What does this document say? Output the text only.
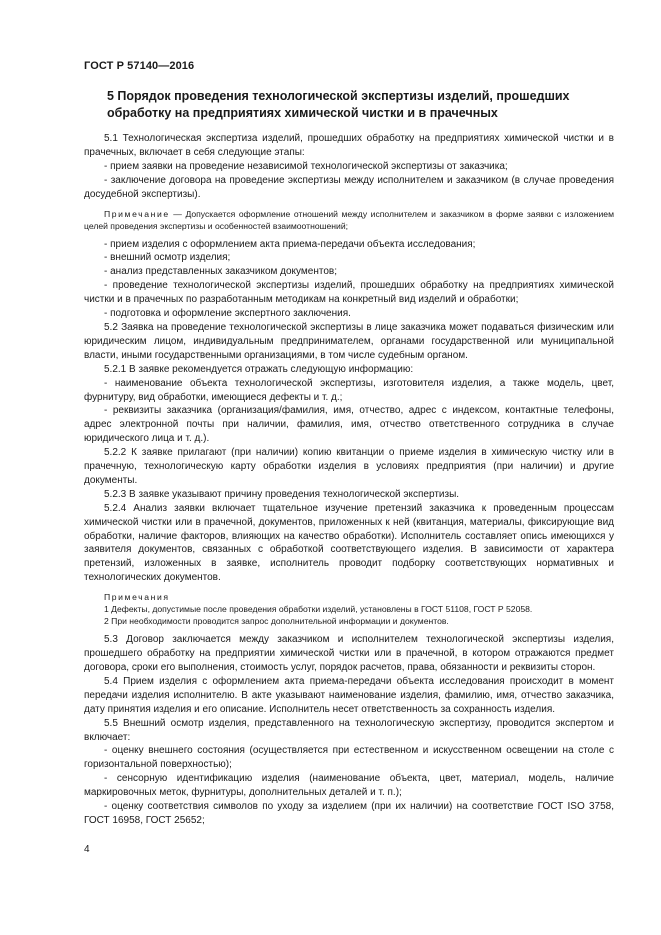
ГОСТ Р 57140—2016
5 Порядок проведения технологической экспертизы изделий, прошедших обработку на предприятиях химической чистки и в прачечных

5.1 Технологическая экспертиза изделий, прошедших обработку на предприятиях химической чистки и в прачечных, включает в себя следующие этапы:

- прием заявки на проведение независимой технологической экспертизы от заказчика;

- заключение договора на проведение экспертизы между исполнителем и заказчиком (в случае проведения досудебной экспертизы).

Примечание — Допускается оформление отношений между исполнителем и заказчиком в форме заявки с изложением целей проведения экспертизы и особенностей взаимоотношений;

- прием изделия с оформлением акта приема-передачи объекта исследования;

- внешний осмотр изделия;

- анализ представленных заказчиком документов;

- проведение технологической экспертизы изделий, прошедших обработку на предприятиях химической чистки и в прачечных по разработанным методикам на конкретный вид изделий и обработки;

- подготовка и оформление экспертного заключения.

5.2 Заявка на проведение технологической экспертизы в лице заказчика может подаваться физическим или юридическим лицом, индивидуальным предпринимателем, органами государственной или муниципальной власти, иными государственными организациями, в том числе судебным органом.

5.2.1 В заявке рекомендуется отражать следующую информацию:

- наименование объекта технологической экспертизы, изготовителя изделия, а также модель, цвет, фурнитуру, вид обработки, имеющиеся дефекты и т. д.;

- реквизиты заказчика (организация/фамилия, имя, отчество, адрес с индексом, контактные телефоны, адрес электронной почты при наличии, фамилия, имя, отчество ответственного сотрудника в случае юридического лица и т. д.).

5.2.2 К заявке прилагают (при наличии) копию квитанции о приеме изделия в химическую чистку или в прачечную, технологическую карту обработки изделия в условиях предприятия (при наличии) и другие документы.

5.2.3 В заявке указывают причину проведения технологической экспертизы.

5.2.4 Анализ заявки включает тщательное изучение претензий заказчика к проведенным процессам химической чистки или в прачечной, документов, приложенных к ней (квитанция, материалы, фиксирующие вид обработки, наличие факторов, влияющих на качество обработки). Исполнитель составляет опись имеющихся у заявителя документов, связанных с обработкой соответствующего изделия. В зависимости от характера претензий, изложенных в заявке, исполнитель проводит подборку соответствующих нормативных и технологических документов.

Примечания

1 Дефекты, допустимые после проведения обработки изделий, установлены в ГОСТ 51108, ГОСТ Р 52058.

2 При необходимости проводится запрос дополнительной информации и документов.

5.3 Договор заключается между заказчиком и исполнителем технологической экспертизы изделия, прошедшего обработку на предприятии химической чистки или в прачечной, в котором отражаются предмет договора, сроки его выполнения, стоимость услуг, порядок расчетов, права, обязанности и реквизиты сторон.

5.4 Прием изделия с оформлением акта приема-передачи объекта исследования происходит в момент передачи изделия исполнителю. В акте указывают наименование изделия, фамилию, имя, отчество заказчика, дату принятия изделия и его описание. Исполнитель несет ответственность за сохранность изделия.

5.5 Внешний осмотр изделия, представленного на технологическую экспертизу, проводится экспертом и включает:

- оценку внешнего состояния (осуществляется при естественном и искусственном освещении на столе с горизонтальной поверхностью);

- сенсорную идентификацию изделия (наименование объекта, цвет, материал, модель, наличие маркировочных меток, фурнитуры, дополнительных деталей и т. п.);

- оценку соответствия символов по уходу за изделием (при их наличии) на соответствие ГОСТ ISO 3758, ГОСТ 16958, ГОСТ 25652;

4
